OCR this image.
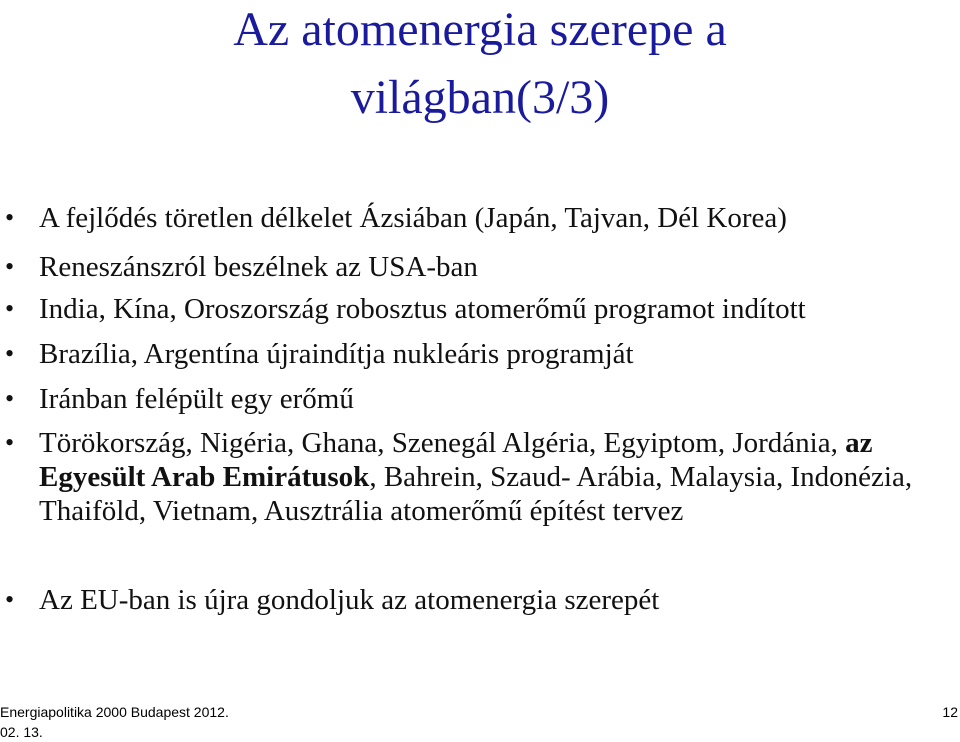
Az atomenergia szerepe a
világban(3/3)
• A fejlődés töretlen délkelet Ázsiában (Japán, Tajvan, Dél Korea)
• Reneszánszról beszélnek az USA-ban
• India, Kína, Oroszország robosztus atomerőmű programot indított
• Brazília, Argentína újraindítja nukleáris programját
• Iránban felépült egy erőmű
• Törökország, Nigéria, Ghana, Szenegál Algéria, Egyiptom, Jordánia, az Egyesült Arab Emirátusok, Bahrein, Szaud- Arábia, Malaysia, Indonézia, Thaiföld, Vietnam, Ausztrália atomerőmű építést tervez
• Az EU-ban is újra gondoljuk az atomenergia szerepét
Energiapolitika 2000 Budapest 2012. 02. 13.
12
